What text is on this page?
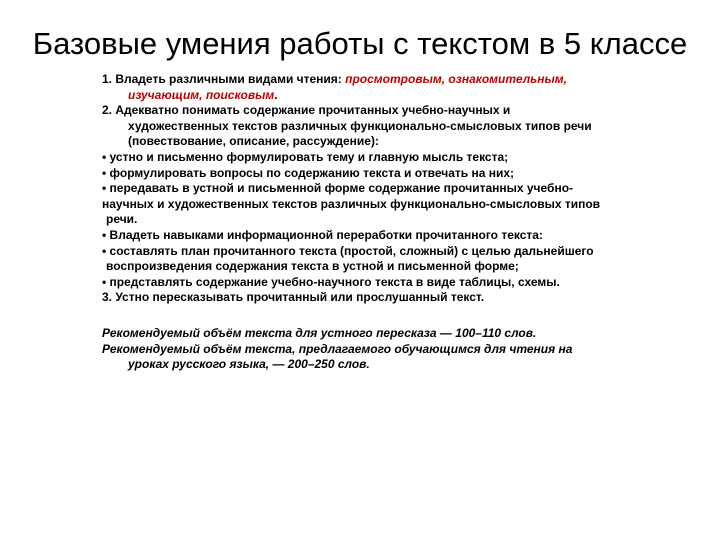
Базовые умения работы с текстом в 5 классе
1. Владеть различными видами чтения: просмотровым, ознакомительным,
изучающим, поисковым.
2. Адекватно понимать содержание прочитанных учебно-научных и
художественных текстов различных функционально-смысловых типов речи
(повествование, описание, рассуждение):
• устно и письменно формулировать тему и главную мысль текста;
• формулировать вопросы по содержанию текста и отвечать на них;
• передавать в устной и письменной форме содержание прочитанных учебно-
научных и художественных текстов различных функционально-смысловых типов
речи.
• Владеть навыками информационной переработки прочитанного текста:
• составлять план прочитанного текста (простой, сложный) с целью дальнейшего
воспроизведения содержания текста в устной и письменной форме;
• представлять содержание учебно-научного текста в виде таблицы, схемы.
3. Устно пересказывать прочитанный или прослушанный текст.
Рекомендуемый объём текста для устного пересказа — 100–110 слов.
Рекомендуемый объём текста, предлагаемого обучающимся для чтения на
уроках русского языка, — 200–250 слов.
